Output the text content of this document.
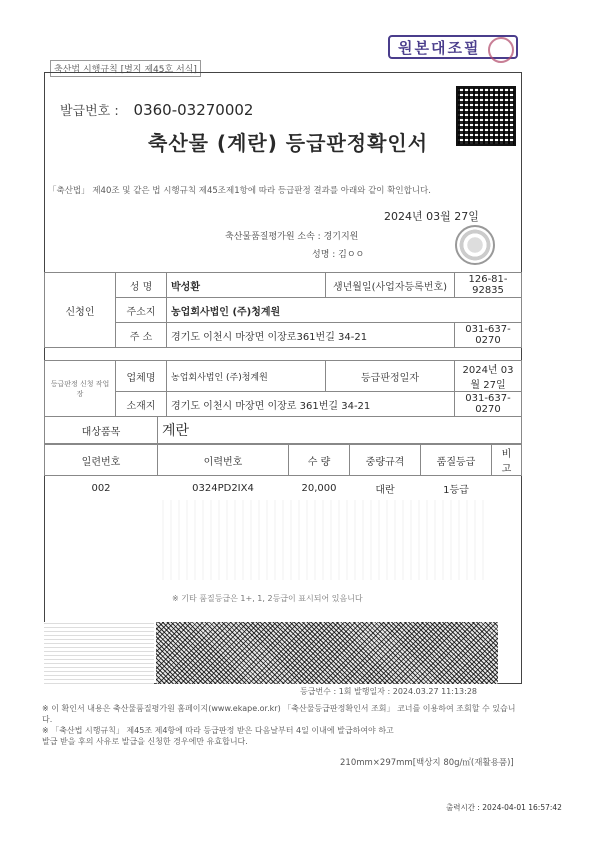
원본대조필
축산법 시행규칙 [별지 제45호 서식]
발급번호 : 0360-03270002
축산물 (계란) 등급판정확인서
「축산법」 제40조 및 같은 법 시행규칙 제45조제1항에 따라 등급판정 결과를 아래와 같이 확인합니다.
2024년 03월 27일
축산물품질평가원 소속 : 경기지원
성명 : 김ㅇㅇ
신청인	성 명	박성환	생년월일(사업자등록번호)	126-81-92835
	주소지	농업회사법인 (주)청계원		
	주 소	경기도 이천시 마장면 이장로361번길 34-21		031-637-0270
등급판정 신청 작업장	업체명	농업회사법인 (주)청계원	등급판정일자	2024년 03월 27일
	소재지	경기도 이천시 마장면 이장로 361번길 34-21		031-637-0270
대상품목	계란
일련번호	이력번호	수 량	중량규격	품질등급	비 고
002	0324PD2IX4	20,000	대란	1등급	
※ 기타 품질등급은 1+, 1, 2등급이 표시되어 있음니다
등급번수 : 1회 발행일자 : 2024.03.27 11:13:28
※ 이 확인서 내용은 축산물품질평가원 홈페이지(www.ekape.or.kr) 「축산물등급판정확인서 조회」 코너를 이용하여 조회할 수 있습니다.
※ 「축산법 시행규칙」 제45조 제4항에 따라 등급판정 받은 다음날부터 4일 이내에 발급하여야 하고
발급 받을 후의 사유로 발급을 신청한 경우에만 유효합니다.
210mm×297mm[백상지 80g/㎡(재활용품)]
출력시간 : 2024-04-01 16:57:42
